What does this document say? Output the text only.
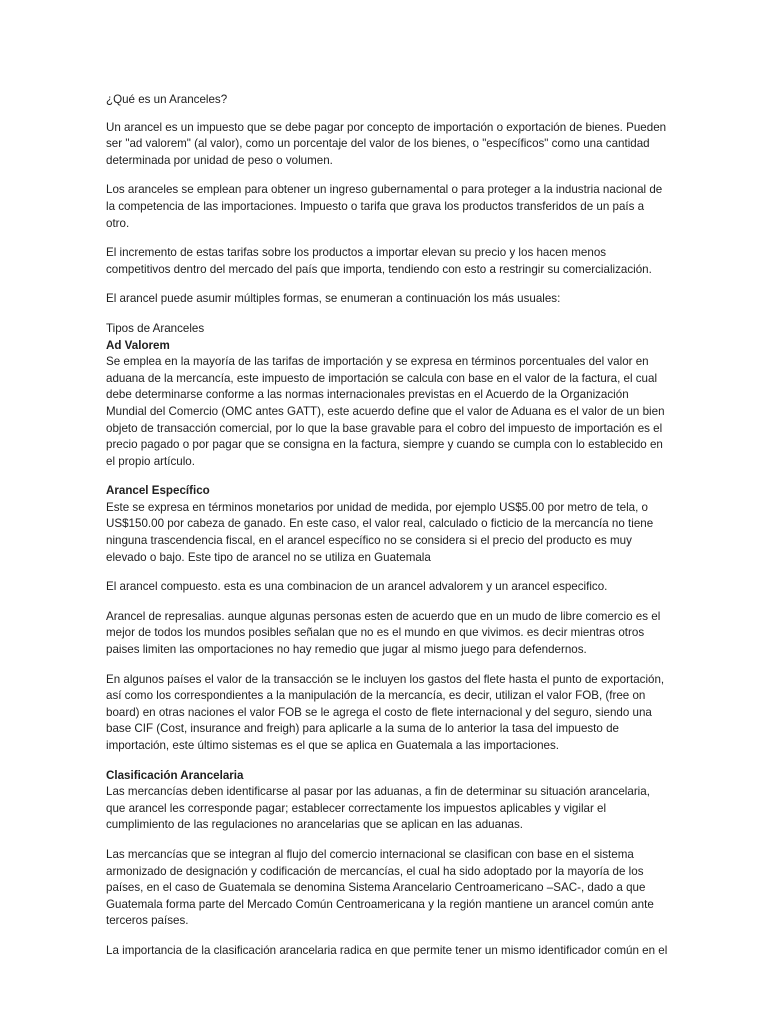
¿Qué es un Aranceles?

Un arancel es un impuesto que se debe pagar por concepto de importación o exportación de bienes. Pueden ser "ad valorem" (al valor), como un porcentaje del valor de los bienes, o "específicos" como una cantidad determinada por unidad de peso o volumen.

Los aranceles se emplean para obtener un ingreso gubernamental o para proteger a la industria nacional de la competencia de las importaciones. Impuesto o tarifa que grava los productos transferidos de un país a otro.

El incremento de estas tarifas sobre los productos a importar elevan su precio y los hacen menos competitivos dentro del mercado del país que importa, tendiendo con esto a restringir su comercialización.

El arancel puede asumir múltiples formas, se enumeran a continuación los más usuales:

Tipos de Aranceles
Ad Valorem

Se emplea en la mayoría de las tarifas de importación y se expresa en términos porcentuales del valor en aduana de la mercancía, este impuesto de importación se calcula con base en el valor de la factura, el cual debe determinarse conforme a las normas internacionales previstas en el Acuerdo de la Organización Mundial del Comercio (OMC antes GATT), este acuerdo define que el valor de Aduana es el valor de un bien objeto de transacción comercial, por lo que la base gravable para el cobro del impuesto de importación es el precio pagado o por pagar que se consigna en la factura, siempre y cuando se cumpla con lo establecido en el propio artículo.

Arancel Específico

Este se expresa en términos monetarios por unidad de medida, por ejemplo US$5.00 por metro de tela, o US$150.00 por cabeza de ganado. En este caso, el valor real, calculado o ficticio de la mercancía no tiene ninguna trascendencia fiscal, en el arancel específico no se considera si el precio del producto es muy elevado o bajo. Este tipo de arancel no se utiliza en Guatemala

El arancel compuesto. esta es una combinacion de un arancel advalorem y un arancel especifico.

Arancel de represalias. aunque algunas personas esten de acuerdo que en un mudo de libre comercio es el mejor de todos los mundos posibles señalan que no es el mundo en que vivimos. es decir mientras otros paises limiten las omportaciones no hay remedio que jugar al mismo juego para defendernos.

En algunos países el valor de la transacción se le incluyen los gastos del flete hasta el punto de exportación, así como los correspondientes a la manipulación de la mercancía, es decir, utilizan el valor FOB, (free on board) en otras naciones el valor FOB se le agrega el costo de flete internacional y del seguro, siendo una base CIF (Cost, insurance and freigh) para aplicarle a la suma de lo anterior la tasa del impuesto de importación, este último sistemas es el que se aplica en Guatemala a las importaciones.

Clasificación Arancelaria

Las mercancías deben identificarse al pasar por las aduanas, a fin de determinar su situación arancelaria, que arancel les corresponde pagar; establecer correctamente los impuestos aplicables y vigilar el cumplimiento de las regulaciones no arancelarias que se aplican en las aduanas.

Las mercancías que se integran al flujo del comercio internacional se clasifican con base en el sistema armonizado de designación y codificación de mercancías, el cual ha sido adoptado por la mayoría de los países, en el caso de Guatemala se denomina Sistema Arancelario Centroamericano –SAC-, dado a que Guatemala forma parte del Mercado Común Centroamericana y la región mantiene un arancel común ante terceros países.

La importancia de la clasificación arancelaria radica en que permite tener un mismo identificador común en el
